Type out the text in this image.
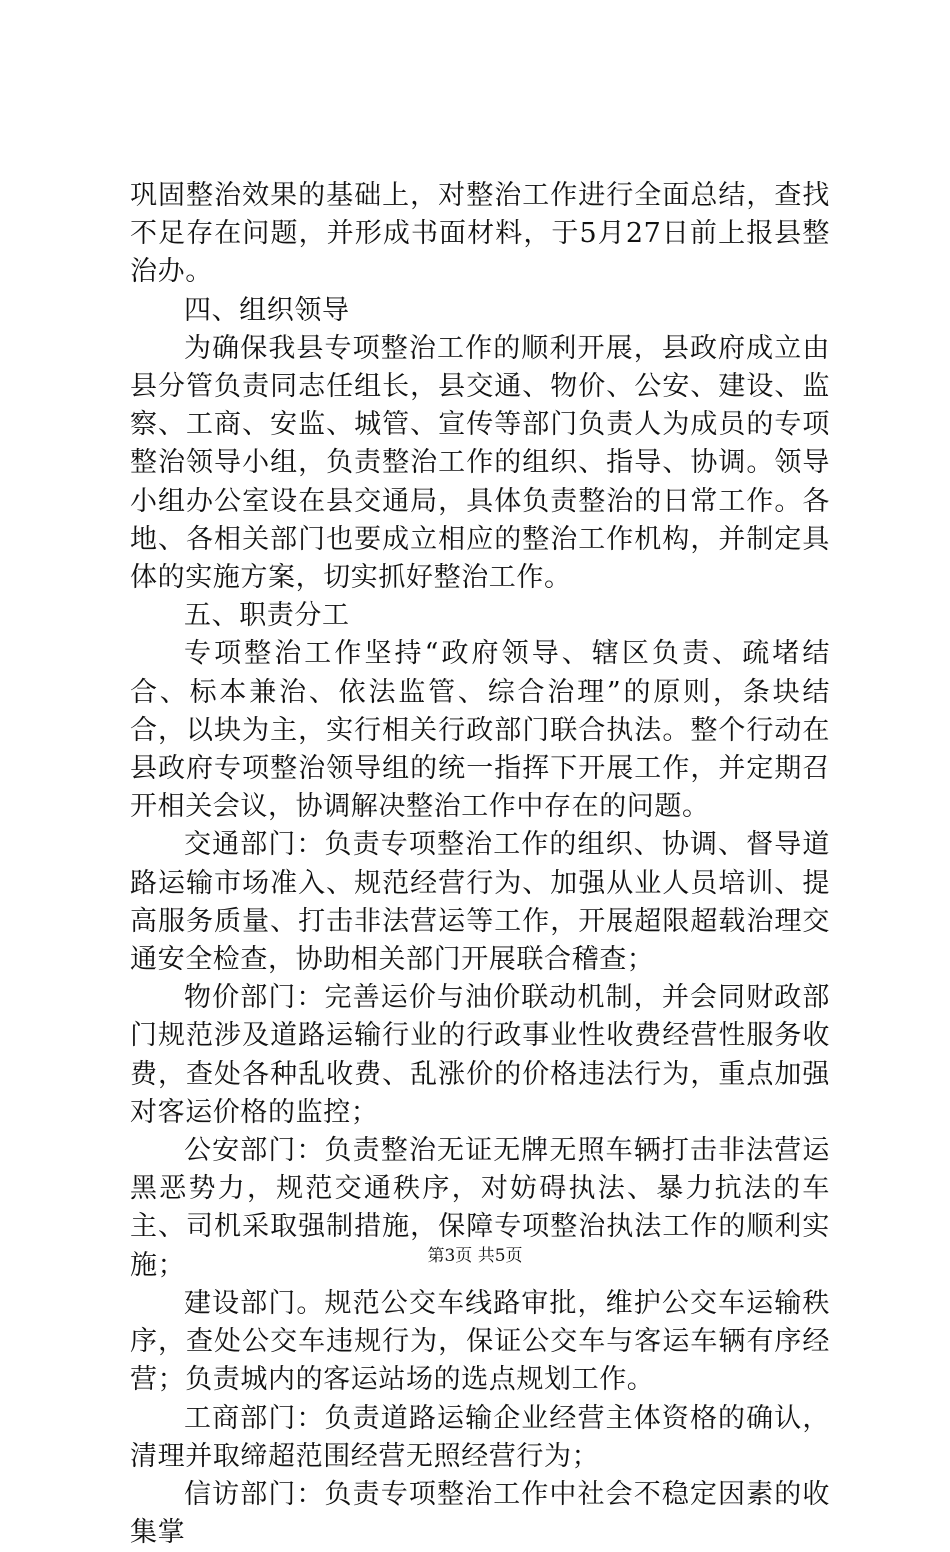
巩固整治效果的基础上，对整治工作进行全面总结，查找不足存在问题，并形成书面材料，于5月27日前上报县整治办。

四、组织领导

为确保我县专项整治工作的顺利开展，县政府成立由县分管负责同志任组长，县交通、物价、公安、建设、监察、工商、安监、城管、宣传等部门负责人为成员的专项整治领导小组，负责整治工作的组织、指导、协调。领导小组办公室设在县交通局，具体负责整治的日常工作。各地、各相关部门也要成立相应的整治工作机构，并制定具体的实施方案，切实抓好整治工作。

五、职责分工

专项整治工作坚持“政府领导、辖区负责、疏堵结合、标本兼治、依法监管、综合治理”的原则，条块结合，以块为主，实行相关行政部门联合执法。整个行动在县政府专项整治领导组的统一指挥下开展工作，并定期召开相关会议，协调解决整治工作中存在的问题。

交通部门：负责专项整治工作的组织、协调、督导道路运输市场准入、规范经营行为、加强从业人员培训、提高服务质量、打击非法营运等工作，开展超限超载治理交通安全检查，协助相关部门开展联合稽查；

物价部门：完善运价与油价联动机制，并会同财政部门规范涉及道路运输行业的行政事业性收费经营性服务收费，查处各种乱收费、乱涨价的价格违法行为，重点加强对客运价格的监控；

公安部门：负责整治无证无牌无照车辆打击非法营运黑恶势力，规范交通秩序，对妨碍执法、暴力抗法的车主、司机采取强制措施，保障专项整治执法工作的顺利实施；

建设部门。规范公交车线路审批，维护公交车运输秩序，查处公交车违规行为，保证公交车与客运车辆有序经营；负责城内的客运站场的选点规划工作。

工商部门：负责道路运输企业经营主体资格的确认，清理并取缔超范围经营无照经营行为；

信访部门：负责专项整治工作中社会不稳定因素的收集掌

第3页 共5页
